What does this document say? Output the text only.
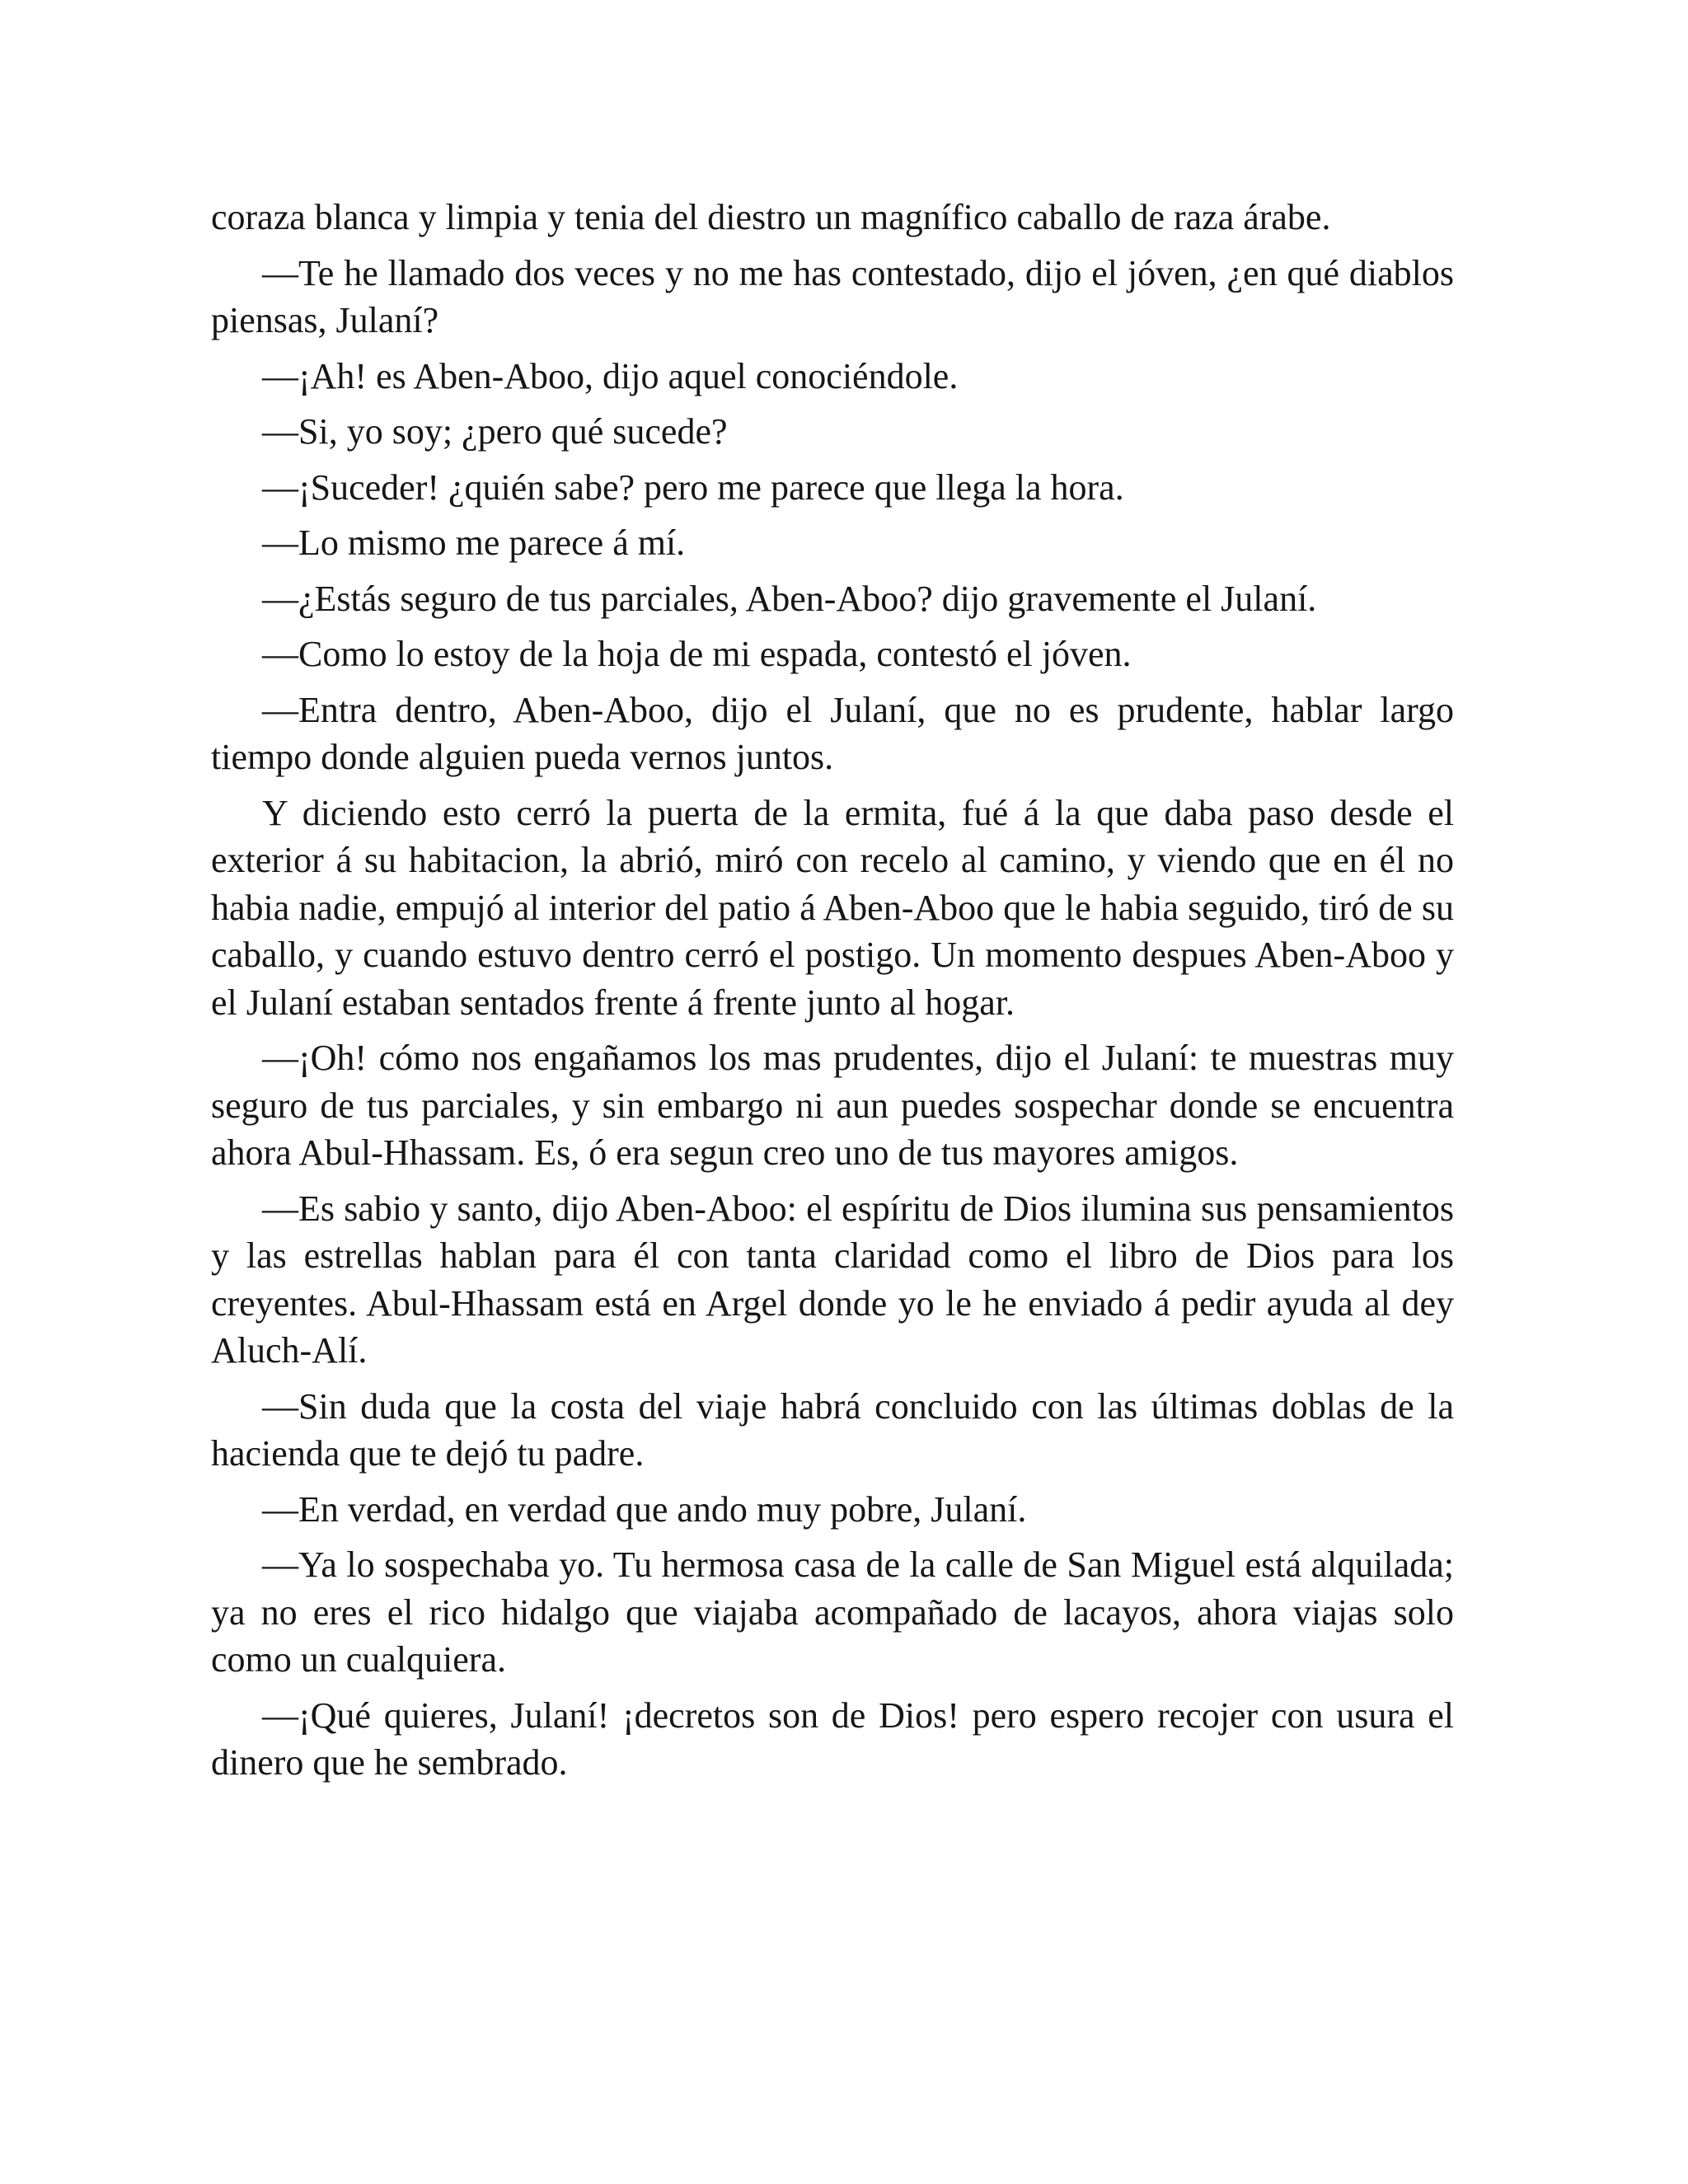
coraza blanca y limpia y tenia del diestro un magnífico caballo de raza árabe.

—Te he llamado dos veces y no me has contestado, dijo el jóven, ¿en qué diablos piensas, Julaní?

—¡Ah! es Aben-Aboo, dijo aquel conociéndole.

—Si, yo soy; ¿pero qué sucede?

—¡Suceder! ¿quién sabe? pero me parece que llega la hora.

—Lo mismo me parece á mí.

—¿Estás seguro de tus parciales, Aben-Aboo? dijo gravemente el Julaní.

—Como lo estoy de la hoja de mi espada, contestó el jóven.

—Entra dentro, Aben-Aboo, dijo el Julaní, que no es prudente, hablar largo tiempo donde alguien pueda vernos juntos.

Y diciendo esto cerró la puerta de la ermita, fué á la que daba paso desde el exterior á su habitacion, la abrió, miró con recelo al camino, y viendo que en él no habia nadie, empujó al interior del patio á Aben-Aboo que le habia seguido, tiró de su caballo, y cuando estuvo dentro cerró el postigo. Un momento despues Aben-Aboo y el Julaní estaban sentados frente á frente junto al hogar.

—¡Oh! cómo nos engañamos los mas prudentes, dijo el Julaní: te muestras muy seguro de tus parciales, y sin embargo ni aun puedes sospechar donde se encuentra ahora Abul-Hhassam. Es, ó era segun creo uno de tus mayores amigos.

—Es sabio y santo, dijo Aben-Aboo: el espíritu de Dios ilumina sus pensamientos y las estrellas hablan para él con tanta claridad como el libro de Dios para los creyentes. Abul-Hhassam está en Argel donde yo le he enviado á pedir ayuda al dey Aluch-Alí.

—Sin duda que la costa del viaje habrá concluido con las últimas doblas de la hacienda que te dejó tu padre.

—En verdad, en verdad que ando muy pobre, Julaní.

—Ya lo sospechaba yo. Tu hermosa casa de la calle de San Miguel está alquilada; ya no eres el rico hidalgo que viajaba acompañado de lacayos, ahora viajas solo como un cualquiera.

—¡Qué quieres, Julaní! ¡decretos son de Dios! pero espero recojer con usura el dinero que he sembrado.
